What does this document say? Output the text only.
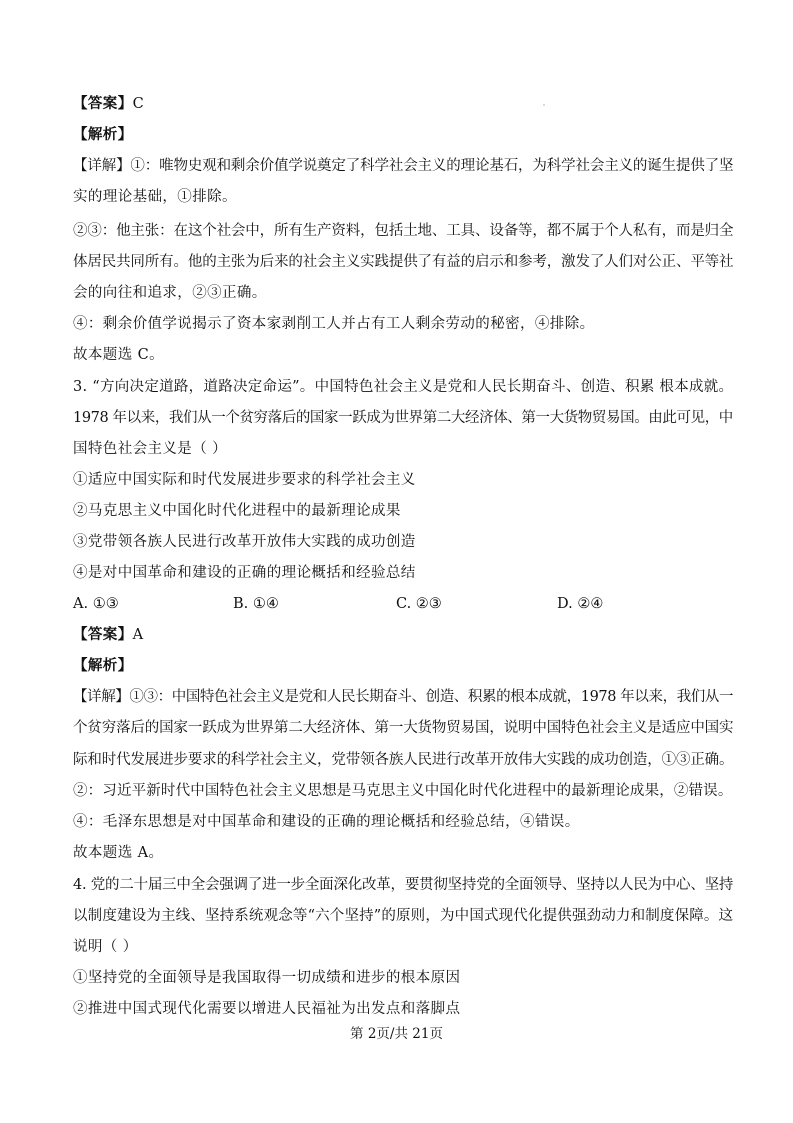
【答案】C
【解析】
【详解】①：唯物史观和剩余价值学说奠定了科学社会主义的理论基石，为科学社会主义的诞生提供了坚
实的理论基础，①排除。
②③：他主张：在这个社会中，所有生产资料，包括土地、工具、设备等，都不属于个人私有，而是归全
体居民共同所有。他的主张为后来的社会主义实践提供了有益的启示和参考，激发了人们对公正、平等社
会的向往和追求，②③正确。
④：剩余价值学说揭示了资本家剥削工人并占有工人剩余劳动的秘密，④排除。
故本题选 C。
3. “方向决定道路，道路决定命运”。中国特色社会主义是党和人民长期奋斗、创造、积累 根本成就。
1978 年以来，我们从一个贫穷落后的国家一跃成为世界第二大经济体、第一大货物贸易国。由此可见，中
国特色社会主义是（ ）
①适应中国实际和时代发展进步要求的科学社会主义
②马克思主义中国化时代化进程中的最新理论成果
③党带领各族人民进行改革开放伟大实践的成功创造
④是对中国革命和建设的正确的理论概括和经验总结
A. ①③	B. ①④	C. ②③	D. ②④
【答案】A
【解析】
【详解】①③：中国特色社会主义是党和人民长期奋斗、创造、积累的根本成就，1978 年以来，我们从一
个贫穷落后的国家一跃成为世界第二大经济体、第一大货物贸易国，说明中国特色社会主义是适应中国实
际和时代发展进步要求的科学社会主义，党带领各族人民进行改革开放伟大实践的成功创造，①③正确。
②：习近平新时代中国特色社会主义思想是马克思主义中国化时代化进程中的最新理论成果，②错误。
④：毛泽东思想是对中国革命和建设的正确的理论概括和经验总结，④错误。
故本题选 A。
4. 党的二十届三中全会强调了进一步全面深化改革，要贯彻坚持党的全面领导、坚持以人民为中心、坚持
以制度建设为主线、坚持系统观念等“六个坚持”的原则，为中国式现代化提供强劲动力和制度保障。这
说明（ ）
①坚持党的全面领导是我国取得一切成绩和进步的根本原因
②推进中国式现代化需要以增进人民福祉为出发点和落脚点
第 2页/共 21页
